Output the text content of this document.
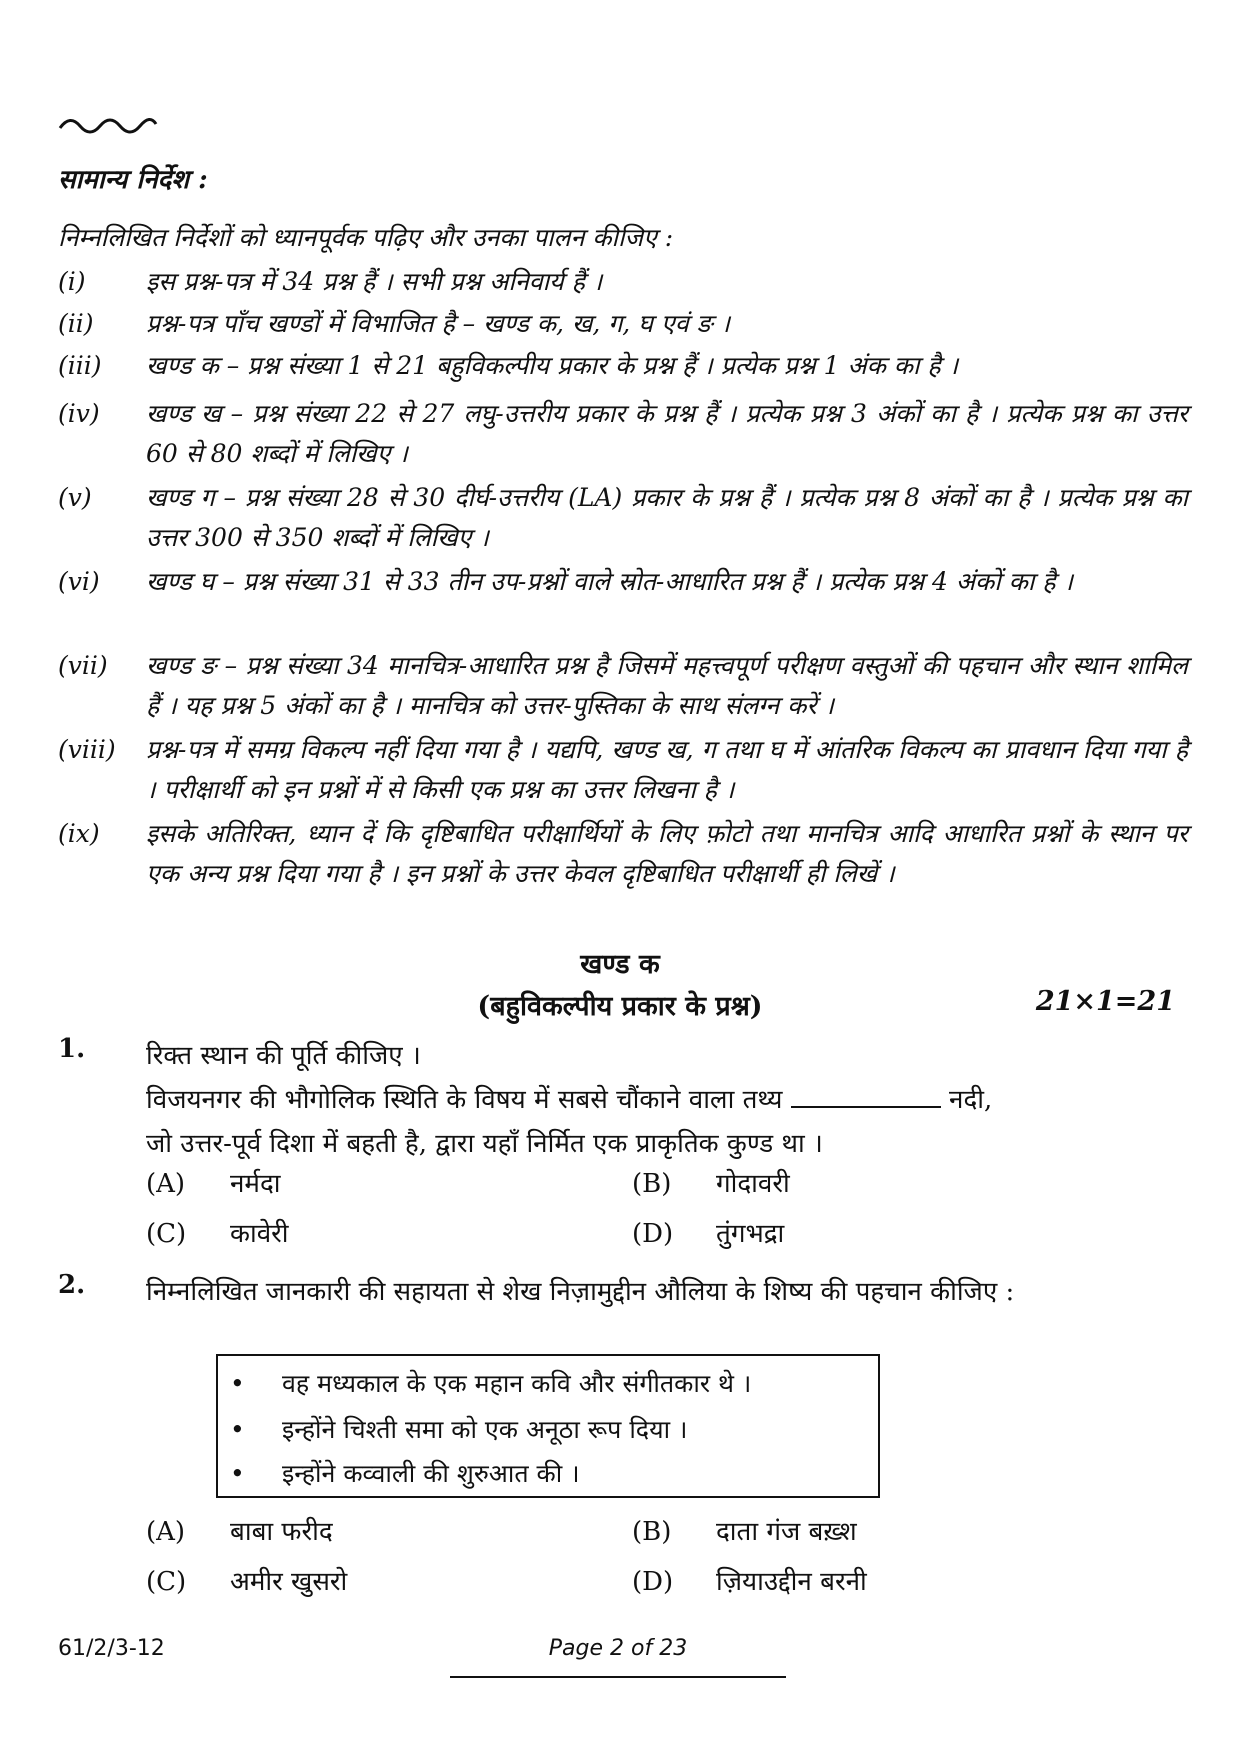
सामान्य निर्देश :
निम्नलिखित निर्देशों को ध्यानपूर्वक पढ़िए और उनका पालन कीजिए :
(i)	इस प्रश्न-पत्र में 34 प्रश्न हैं । सभी प्रश्न अनिवार्य हैं ।
(ii)	प्रश्न-पत्र पाँच खण्डों में विभाजित है – खण्ड क, ख, ग, घ एवं ङ ।
(iii)	खण्ड क – प्रश्न संख्या 1 से 21 बहुविकल्पीय प्रकार के प्रश्न हैं । प्रत्येक प्रश्न 1 अंक का है ।
(iv)	खण्ड ख – प्रश्न संख्या 22 से 27 लघु-उत्तरीय प्रकार के प्रश्न हैं । प्रत्येक प्रश्न 3 अंकों का है । प्रत्येक प्रश्न का उत्तर 60 से 80 शब्दों में लिखिए ।
(v)	खण्ड ग – प्रश्न संख्या 28 से 30 दीर्घ-उत्तरीय (LA) प्रकार के प्रश्न हैं । प्रत्येक प्रश्न 8 अंकों का है । प्रत्येक प्रश्न का उत्तर 300 से 350 शब्दों में लिखिए ।
(vi)	खण्ड घ – प्रश्न संख्या 31 से 33 तीन उप-प्रश्नों वाले स्रोत-आधारित प्रश्न हैं । प्रत्येक प्रश्न 4 अंकों का है ।
(vii)	खण्ड ङ – प्रश्न संख्या 34 मानचित्र-आधारित प्रश्न है जिसमें महत्त्वपूर्ण परीक्षण वस्तुओं की पहचान और स्थान शामिल हैं । यह प्रश्न 5 अंकों का है । मानचित्र को उत्तर-पुस्तिका के साथ संलग्न करें ।
(viii)	प्रश्न-पत्र में समग्र विकल्प नहीं दिया गया है । यद्यपि, खण्ड ख, ग तथा घ में आंतरिक विकल्प का प्रावधान दिया गया है । परीक्षार्थी को इन प्रश्नों में से किसी एक प्रश्न का उत्तर लिखना है ।
(ix)	इसके अतिरिक्त, ध्यान दें कि दृष्टिबाधित परीक्षार्थियों के लिए फ़ोटो तथा मानचित्र आदि आधारित प्रश्नों के स्थान पर एक अन्य प्रश्न दिया गया है । इन प्रश्नों के उत्तर केवल दृष्टिबाधित परीक्षार्थी ही लिखें ।
खण्ड क
(बहुविकल्पीय प्रकार के प्रश्न)	21×1=21
1. रिक्त स्थान की पूर्ति कीजिए ।
विजयनगर की भौगोलिक स्थिति के विषय में सबसे चौंकाने वाला तथ्य	नदी,
जो उत्तर-पूर्व दिशा में बहती है, द्वारा यहाँ निर्मित एक प्राकृतिक कुण्ड था ।
(A) नर्मदा	(B) गोदावरी
(C) कावेरी	(D) तुंगभद्रा
2. निम्नलिखित जानकारी की सहायता से शेख निज़ामुद्दीन औलिया के शिष्य की पहचान कीजिए :
• वह मध्यकाल के एक महान कवि और संगीतकार थे ।
• इन्होंने चिश्ती समा को एक अनूठा रूप दिया ।
• इन्होंने कव्वाली की शुरुआत की ।
(A) बाबा फरीद	(B) दाता गंज बख़्श
(C) अमीर खुसरो	(D) ज़ियाउद्दीन बरनी
61/2/3-12	Page 2 of 23
